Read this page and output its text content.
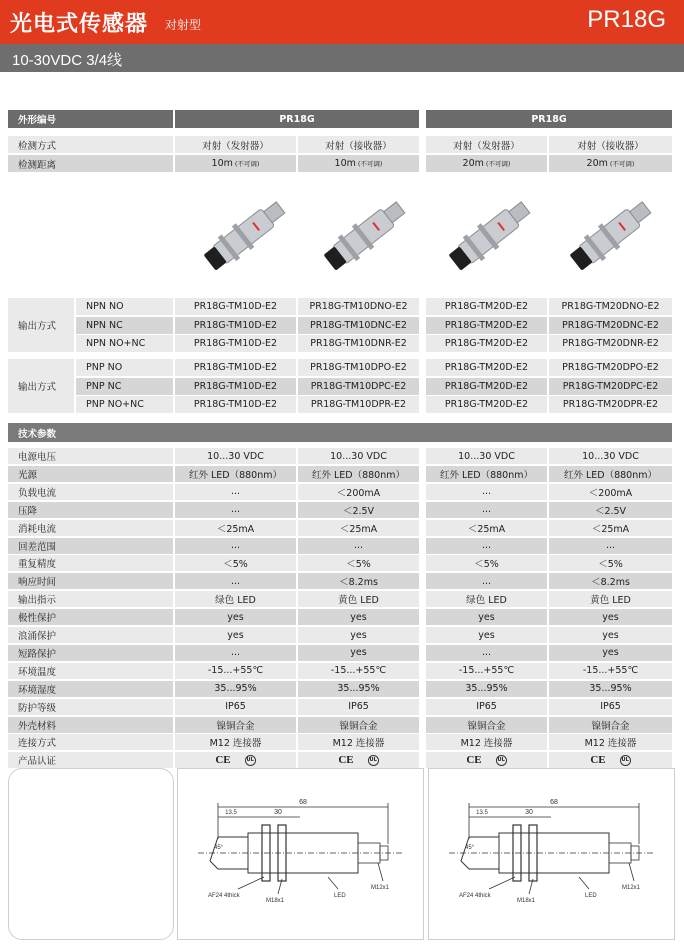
光电式传感器 对射型	PR18G
10-30VDC 3/4线
外形编号	PR18G	PR18G
检测方式	对射（发射器）	对射（接收器）	对射（发射器）	对射（接收器）
检测距离	10m (不可调)	10m (不可调)	20m (不可调)	20m (不可调)
输出方式
NPN NO	PR18G-TM10D-E2	PR18G-TM10DNO-E2	PR18G-TM20D-E2	PR18G-TM20DNO-E2
NPN NC	PR18G-TM10D-E2	PR18G-TM10DNC-E2	PR18G-TM20D-E2	PR18G-TM20DNC-E2
NPN NO+NC	PR18G-TM10D-E2	PR18G-TM10DNR-E2	PR18G-TM20D-E2	PR18G-TM20DNR-E2
输出方式
PNP NO	PR18G-TM10D-E2	PR18G-TM10DPO-E2	PR18G-TM20D-E2	PR18G-TM20DPO-E2
PNP NC	PR18G-TM10D-E2	PR18G-TM10DPC-E2	PR18G-TM20D-E2	PR18G-TM20DPC-E2
PNP NO+NC	PR18G-TM10D-E2	PR18G-TM10DPR-E2	PR18G-TM20D-E2	PR18G-TM20DPR-E2
技术参数
电源电压	10...30 VDC	10...30 VDC	10...30 VDC	10...30 VDC
光源	红外 LED（880nm）	红外 LED（880nm）	红外 LED（880nm）	红外 LED（880nm）
负载电流	...	＜200mA	...	＜200mA
压降	...	＜2.5V	...	＜2.5V
消耗电流	＜25mA	＜25mA	＜25mA	＜25mA
回差范围	...	...	...	...
重复精度	＜5%	＜5%	＜5%	＜5%
响应时间	...	＜8.2ms	...	＜8.2ms
输出指示	绿色 LED	黄色 LED	绿色 LED	黄色 LED
极性保护	yes	yes	yes	yes
浪涌保护	yes	yes	yes	yes
短路保护	...	yes	...	yes
环境温度	-15...+55℃	-15...+55℃	-15...+55℃	-15...+55℃
环境湿度	35...95%	35...95%	35...95%	35...95%
防护等级	IP65	IP65	IP65	IP65
外壳材料	镍铜合金	镍铜合金	镍铜合金	镍铜合金
连接方式	M12 连接器	M12 连接器	M12 连接器	M12 连接器
产品认证	CE	UL	CE	UL	CE	UL	CE	UL
68
30
13.5
45°
AF24 4thick
M18x1
LED
M12x1
68
30
13.5
45°
AF24 4thick
M18x1
LED
M12x1
